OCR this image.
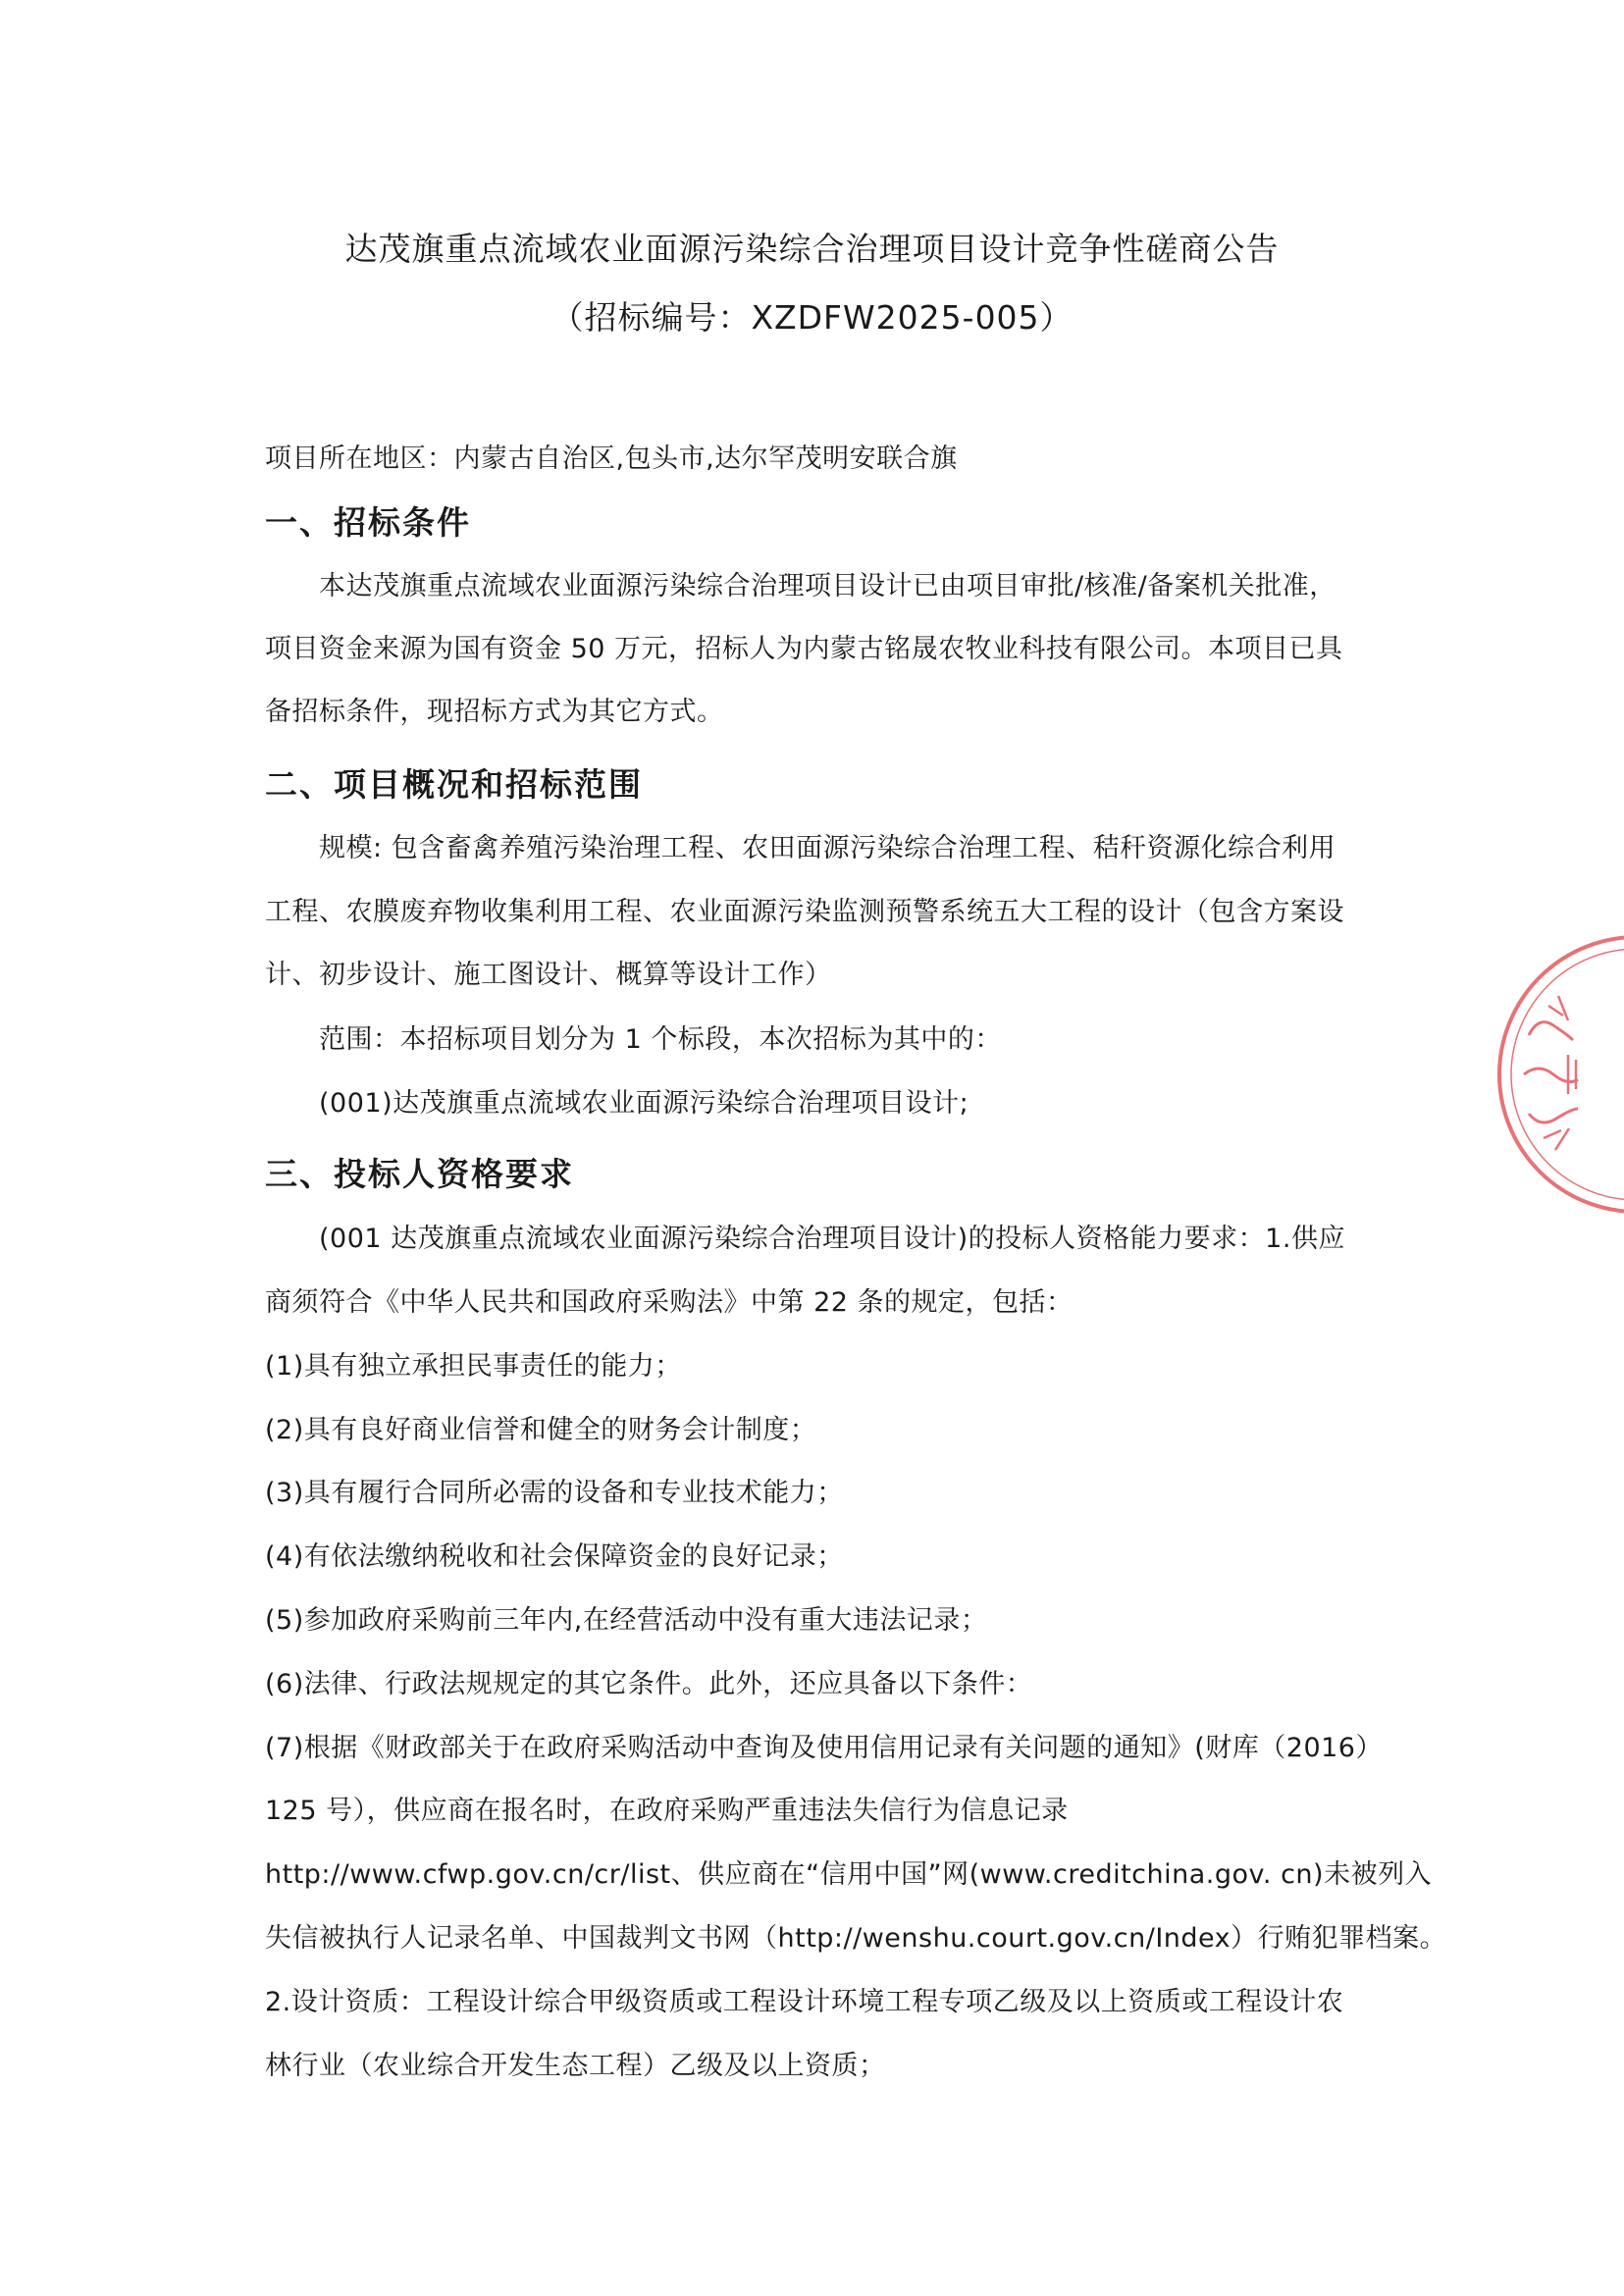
达茂旗重点流域农业面源污染综合治理项目设计竞争性磋商公告
（招标编号：XZDFW2025-005）
项目所在地区：内蒙古自治区,包头市,达尔罕茂明安联合旗
一、招标条件
本达茂旗重点流域农业面源污染综合治理项目设计已由项目审批/核准/备案机关批准，
项目资金来源为国有资金 50 万元，招标人为内蒙古铭晟农牧业科技有限公司。本项目已具
备招标条件，现招标方式为其它方式。
二、项目概况和招标范围
规模: 包含畜禽养殖污染治理工程、农田面源污染综合治理工程、秸秆资源化综合利用
工程、农膜废弃物收集利用工程、农业面源污染监测预警系统五大工程的设计（包含方案设
计、初步设计、施工图设计、概算等设计工作）
范围：本招标项目划分为 1 个标段，本次招标为其中的：
(001)达茂旗重点流域农业面源污染综合治理项目设计;
三、投标人资格要求
(001 达茂旗重点流域农业面源污染综合治理项目设计)的投标人资格能力要求：1.供应
商须符合《中华人民共和国政府采购法》中第 22 条的规定，包括：
(1)具有独立承担民事责任的能力；
(2)具有良好商业信誉和健全的财务会计制度；
(3)具有履行合同所必需的设备和专业技术能力；
(4)有依法缴纳税收和社会保障资金的良好记录；
(5)参加政府采购前三年内,在经营活动中没有重大违法记录；
(6)法律、行政法规规定的其它条件。此外，还应具备以下条件：
(7)根据《财政部关于在政府采购活动中查询及使用信用记录有关问题的通知》(财库（2016）
125 号），供应商在报名时，在政府采购严重违法失信行为信息记录
http://www.cfwp.gov.cn/cr/list、供应商在“信用中国”网(www.creditchina.gov. cn)未被列入
失信被执行人记录名单、中国裁判文书网（http://wenshu.court.gov.cn/Index）行贿犯罪档案。
2.设计资质：工程设计综合甲级资质或工程设计环境工程专项乙级及以上资质或工程设计农
林行业（农业综合开发生态工程）乙级及以上资质；
